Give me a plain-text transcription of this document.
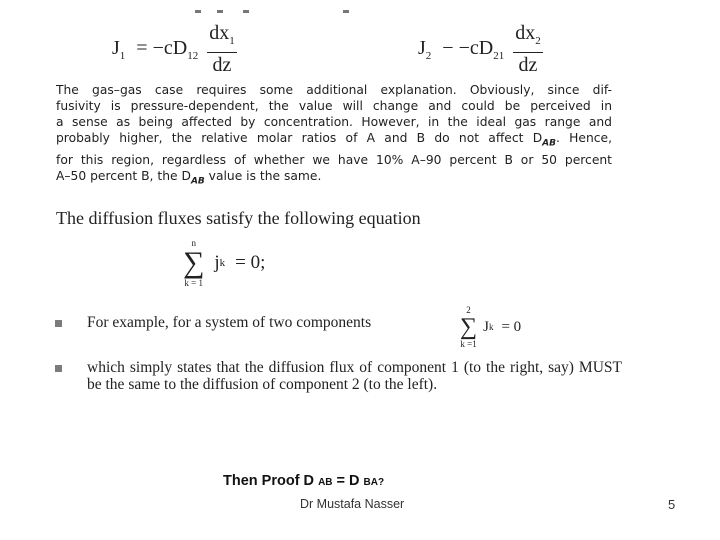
$J_1 = -cD_{12} \frac{dx_1}{dz}$	$J_2 - -cD_{21} \frac{dx_2}{dz}$
The gas–gas case requires some additional explanation. Obviously, since dif-
fusivity is pressure-dependent, the value will change and could be perceived in
a sense as being affected by concentration. However, in the ideal gas range and
probably higher, the relative molar ratios of A and B do not affect $D_{AB}$. Hence,
for this region, regardless of whether we have 10% A–90 percent B or 50 percent
A–50 percent B, the $D_{AB}$ value is the same.
The diffusion fluxes satisfy the following equation
n
∑
k = 1
j k = 0;
For example, for a system of two components
2
∑
k =1
J k = 0
which simply states that the diffusion flux of component 1 (to the right, say) MUST be the same to the diffusion of component 2 (to the left).
Then Proof D AB = D BA?
Dr Mustafa Nasser	5
